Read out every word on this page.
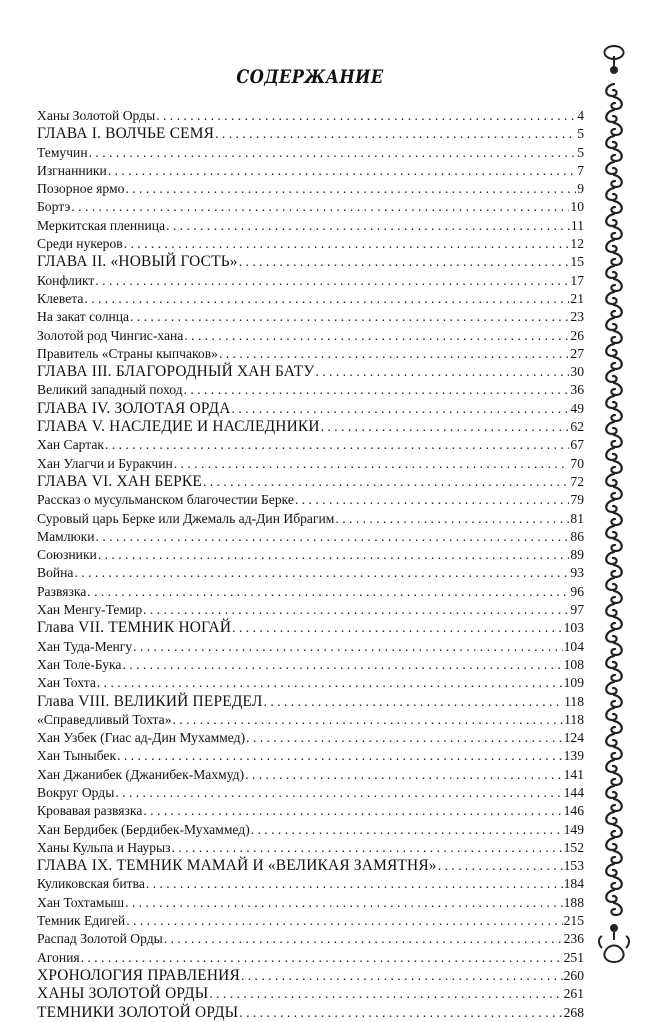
СОДЕРЖАНИЕ
Ханы Золотой Орды . . .	4
ГЛАВА I. ВОЛЧЬЕ СЕМЯ . . .	5
Темучин . . .	5
Изгнанники . . .	7
Позорное ярмо . . .	9
Бортэ . . .	10
Меркитская пленница . . .	11
Среди нукеров . . .	12
ГЛАВА II. «НОВЫЙ ГОСТЬ» . . .	15
Конфликт . . .	17
Клевета . . .	21
На закат солнца . . .	23
Золотой род Чингис-хана . . .	26
Правитель «Страны кыпчаков» . . .	27
ГЛАВА III. БЛАГОРОДНЫЙ ХАН БАТУ . . .	30
Великий западный поход . . .	36
ГЛАВА IV. ЗОЛОТАЯ ОРДА . . .	49
ГЛАВА V. НАСЛЕДИЕ И НАСЛЕДНИКИ . . .	62
Хан Сартак . . .	67
Хан Улагчи и Буракчин . . .	70
ГЛАВА VI. ХАН БЕРКЕ . . .	72
Рассказ о мусульманском благочестии Берке . . .	79
Суровый царь Берке или Джемаль ад-Дин Ибрагим . . .	81
Мамлюки . . .	86
Союзники . . .	89
Война . . .	93
Развязка . . .	96
Хан Менгу-Темир . . .	97
Глава VII. ТЕМНИК НОГАЙ . . .	103
Хан Туда-Менгу . . .	104
Хан Толе-Бука . . .	108
Хан Тохта . . .	109
Глава VIII. ВЕЛИКИЙ ПЕРЕДЕЛ . . .	118
«Справедливый Тохта» . . .	118
Хан Узбек (Гиас ад-Дин Мухаммед) . . .	124
Хан Тыныбек . . .	139
Хан Джанибек (Джанибек-Махмуд) . . .	141
Вокруг Орды . . .	144
Кровавая развязка . . .	146
Хан Бердибек (Бердибек-Мухаммед) . . .	149
Ханы Кульпа и Наурыз . . .	152
ГЛАВА IX. ТЕМНИК МАМАЙ И «ВЕЛИКАЯ ЗАМЯТНЯ» . . .	153
Куликовская битва . . .	184
Хан Тохтамыш . . .	188
Темник Едигей . . .	215
Распад Золотой Орды . . .	236
Агония . . .	251
ХРОНОЛОГИЯ ПРАВЛЕНИЯ . . .	260
ХАНЫ ЗОЛОТОЙ ОРДЫ . . .	261
ТЕМНИКИ ЗОЛОТОЙ ОРДЫ . . .	268
